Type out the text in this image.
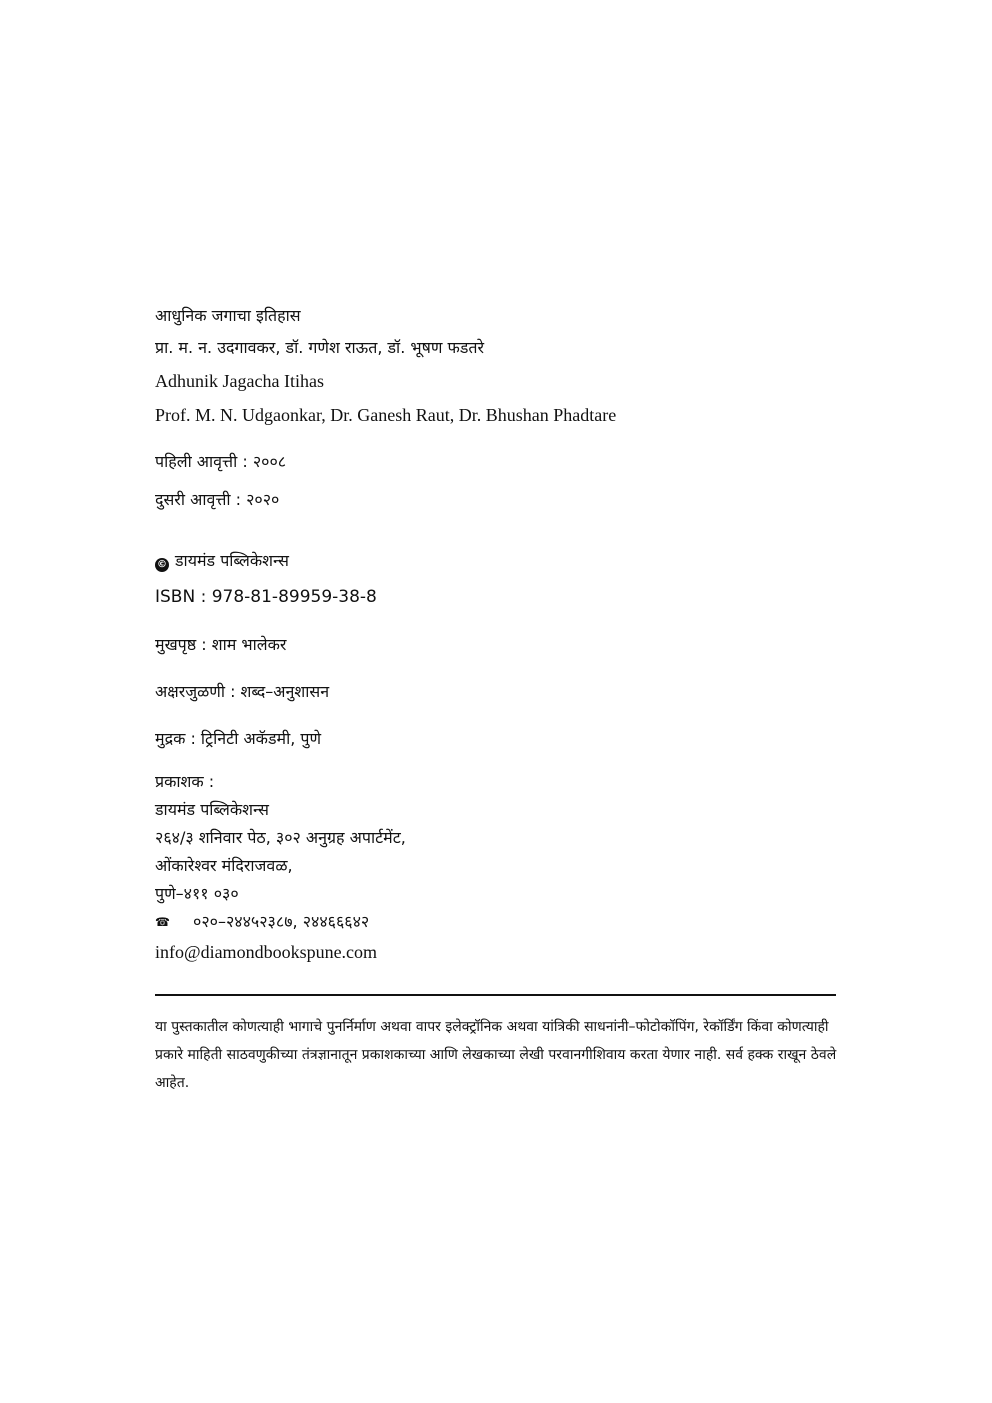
आधुनिक जगाचा इतिहास

प्रा. म. न. उदगावकर, डॉ. गणेश राऊत, डॉ. भूषण फडतरे

Adhunik Jagacha Itihas

Prof. M. N. Udgaonkar, Dr. Ganesh Raut, Dr. Bhushan Phadtare

पहिली आवृत्ती : २००८

दुसरी आवृत्ती : २०२०

© डायमंड पब्लिकेशन्स

ISBN : 978-81-89959-38-8

मुखपृष्ठ : शाम भालेकर

अक्षरजुळणी : शब्द–अनुशासन

मुद्रक : ट्रिनिटी अकॅडमी, पुणे

प्रकाशक :

डायमंड पब्लिकेशन्स

२६४/३ शनिवार पेठ, ३०२ अनुग्रह अपार्टमेंट,

ओंकारेश्वर मंदिराजवळ,

पुणे–४११ ०३०

☎ ०२०–२४४५२३८७, २४४६६६४२

info@diamondbookspune.com

या पुस्तकातील कोणत्याही भागाचे पुनर्निर्माण अथवा वापर इलेक्ट्रॉनिक अथवा यांत्रिकी साधनांनी–फोटोकॉपिंग, रेकॉर्डिंग किंवा कोणत्याही प्रकारे माहिती साठवणुकीच्या तंत्रज्ञानातून प्रकाशकाच्या आणि लेखकाच्या लेखी परवानगीशिवाय करता येणार नाही. सर्व हक्क राखून ठेवले आहेत.
